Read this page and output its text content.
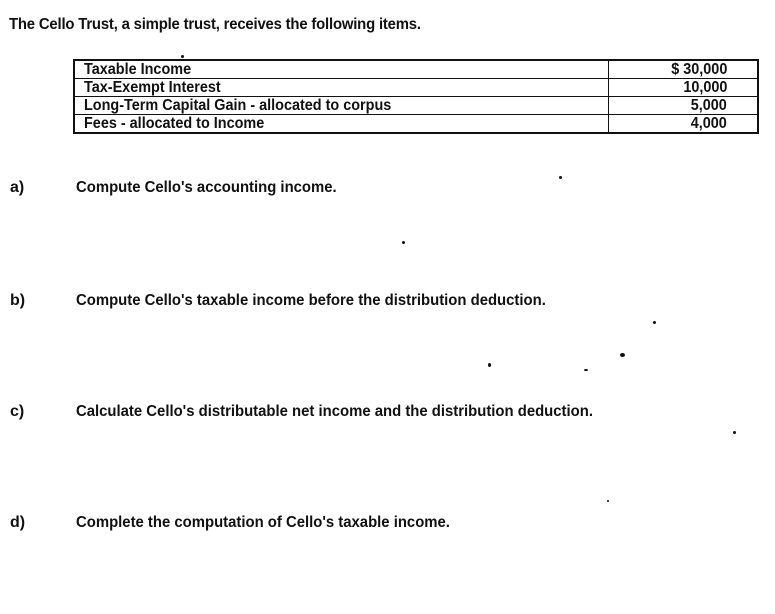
The Cello Trust, a simple trust, receives the following items.
Taxable Income	$ 30,000
Tax-Exempt Interest	10,000
Long-Term Capital Gain - allocated to corpus	5,000
Fees - allocated to Income	4,000
a)	Compute Cello's accounting income.
b)	Compute Cello's taxable income before the distribution deduction.
c)	Calculate Cello's distributable net income and the distribution deduction.
d)	Complete the computation of Cello's taxable income.
